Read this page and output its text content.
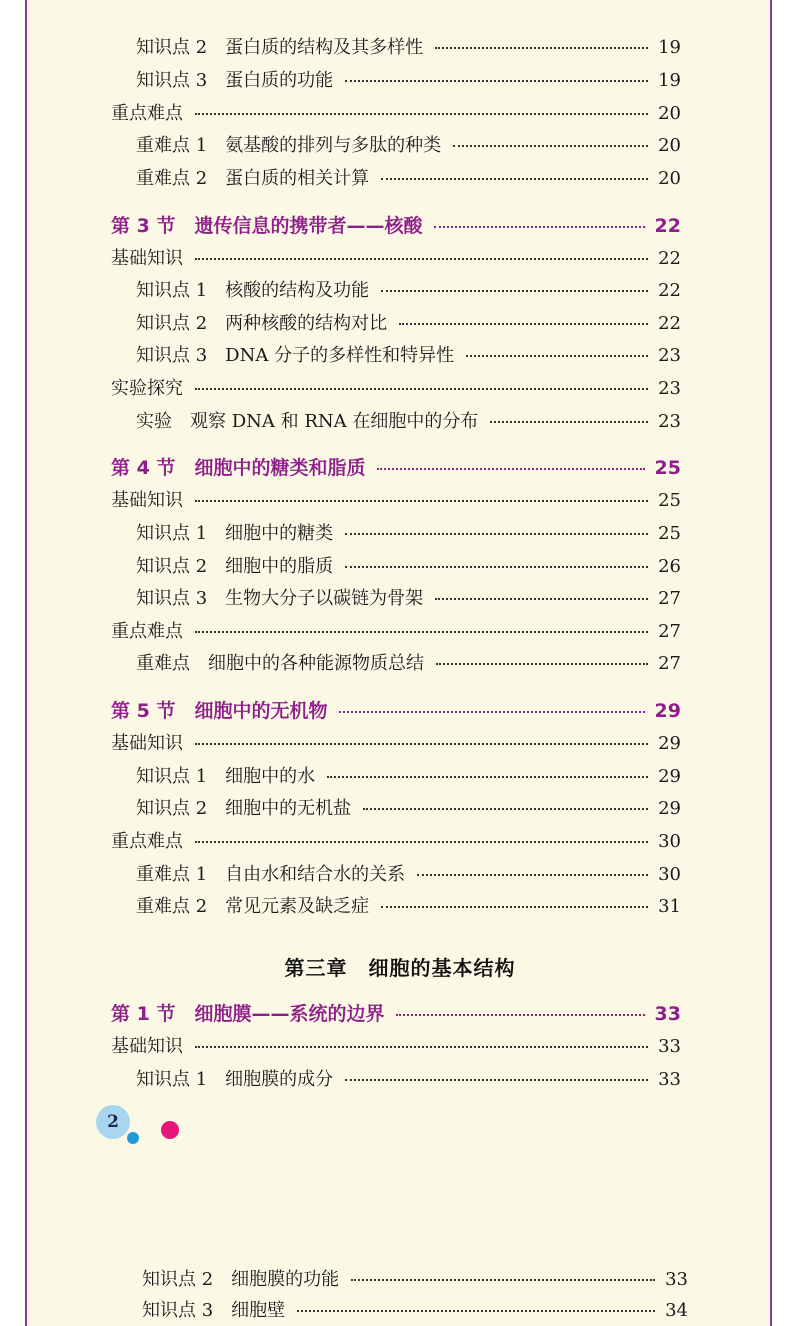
知识点 2　蛋白质的结构及其多样性	19
知识点 3　蛋白质的功能	19
重点难点	20
重难点 1　氨基酸的排列与多肽的种类	20
重难点 2　蛋白质的相关计算	20
第 3 节　遗传信息的携带者——核酸	22
基础知识	22
知识点 1　核酸的结构及功能	22
知识点 2　两种核酸的结构对比	22
知识点 3　DNA 分子的多样性和特异性	23
实验探究	23
实验　观察 DNA 和 RNA 在细胞中的分布	23
第 4 节　细胞中的糖类和脂质	25
基础知识	25
知识点 1　细胞中的糖类	25
知识点 2　细胞中的脂质	26
知识点 3　生物大分子以碳链为骨架	27
重点难点	27
重难点　细胞中的各种能源物质总结	27
第 5 节　细胞中的无机物	29
基础知识	29
知识点 1　细胞中的水	29
知识点 2　细胞中的无机盐	29
重点难点	30
重难点 1　自由水和结合水的关系	30
重难点 2　常见元素及缺乏症	31
第三章　细胞的基本结构
第 1 节　细胞膜——系统的边界	33
基础知识	33
知识点 1　细胞膜的成分	33
2
知识点 2　细胞膜的功能	33
知识点 3　细胞壁	34
